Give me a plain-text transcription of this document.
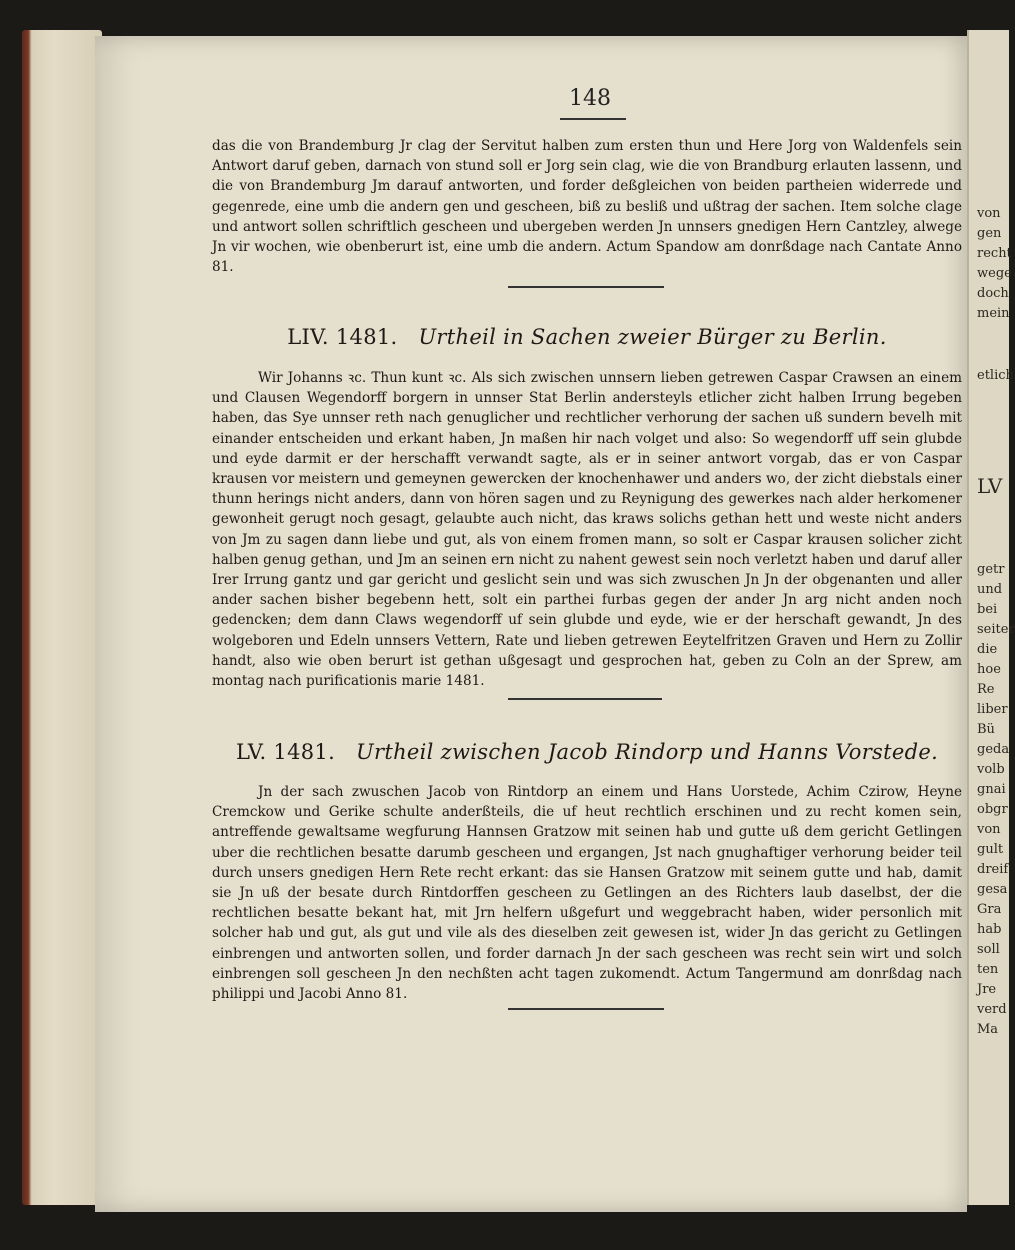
von
gen
recht
wege
doch
mein
etlich
LV
getr
und
bei
seiter
die
hoe
Re
liber
Bü
geda
volb
gnai
obgr
von
gult
dreif
gesa
Gra
hab
soll
ten
Jre
verd
Ma
148
das die von Brandemburg Jr clag der Servitut halben zum ersten thun und Here Jorg von Waldenfels sein Antwort daruf geben, darnach von stund soll er Jorg sein clag, wie die von Brandburg erlauten lassenn, und die von Brandemburg Jm darauf antworten, und forder deßgleichen von beiden partheien widerrede und gegenrede, eine umb die andern gen und gescheen, biß zu besliß und ußtrag der sachen. Item solche clage und antwort sollen schriftlich gescheen und ubergeben werden Jn unnsers gnedigen Hern Cantzley, alwege Jn vir wochen, wie obenberurt ist, eine umb die andern. Actum Spandow am donrßdage nach Cantate Anno 81.
LIV. 1481. Urtheil in Sachen zweier Bürger zu Berlin.
Wir Johanns ꝛc. Thun kunt ꝛc. Als sich zwischen unnsern lieben getrewen Caspar Crawsen an einem und Clausen Wegendorff borgern in unnser Stat Berlin andersteyls etlicher zicht halben Irrung begeben haben, das Sye unnser reth nach genuglicher und rechtlicher verhorung der sachen uß sundern bevelh mit einander entscheiden und erkant haben, Jn maßen hir nach volget und also: So wegendorff uff sein glubde und eyde darmit er der herschafft verwandt sagte, als er in seiner antwort vorgab, das er von Caspar krausen vor meistern und gemeynen gewercken der knochenhawer und anders wo, der zicht diebstals einer thunn herings nicht anders, dann von hören sagen und zu Reynigung des gewerkes nach alder herkomener gewonheit gerugt noch gesagt, gelaubte auch nicht, das kraws solichs gethan hett und weste nicht anders von Jm zu sagen dann liebe und gut, als von einem fromen mann, so solt er Caspar krausen solicher zicht halben genug gethan, und Jm an seinen ern nicht zu nahent gewest sein noch verletzt haben und daruf aller Irer Irrung gantz und gar gericht und geslicht sein und was sich zwuschen Jn Jn der obgenanten und aller ander sachen bisher begebenn hett, solt ein parthei furbas gegen der ander Jn arg nicht anden noch gedencken; dem dann Claws wegendorff uf sein glubde und eyde, wie er der herschaft gewandt, Jn des wolgeboren und Edeln unnsers Vettern, Rate und lieben getrewen Eeytelfritzen Graven und Hern zu Zollir handt, also wie oben berurt ist gethan ußgesagt und gesprochen hat, geben zu Coln an der Sprew, am montag nach purificationis marie 1481.
LV. 1481. Urtheil zwischen Jacob Rindorp und Hanns Vorstede.
Jn der sach zwuschen Jacob von Rintdorp an einem und Hans Uorstede, Achim Czirow, Heyne Cremckow und Gerike schulte anderßteils, die uf heut rechtlich erschinen und zu recht komen sein, antreffende gewaltsame wegfurung Hannsen Gratzow mit seinen hab und gutte uß dem gericht Getlingen uber die rechtlichen besatte darumb gescheen und ergangen, Jst nach gnughaftiger verhorung beider teil durch unsers gnedigen Hern Rete recht erkant: das sie Hansen Gratzow mit seinem gutte und hab, damit sie Jn uß der besate durch Rintdorffen gescheen zu Getlingen an des Richters laub daselbst, der die rechtlichen besatte bekant hat, mit Jrn helfern ußgefurt und weggebracht haben, wider personlich mit solcher hab und gut, als gut und vile als des dieselben zeit gewesen ist, wider Jn das gericht zu Getlingen einbrengen und antworten sollen, und forder darnach Jn der sach gescheen was recht sein wirt und solch einbrengen soll gescheen Jn den nechßten acht tagen zukomendt. Actum Tangermund am donrßdag nach philippi und Jacobi Anno 81.
